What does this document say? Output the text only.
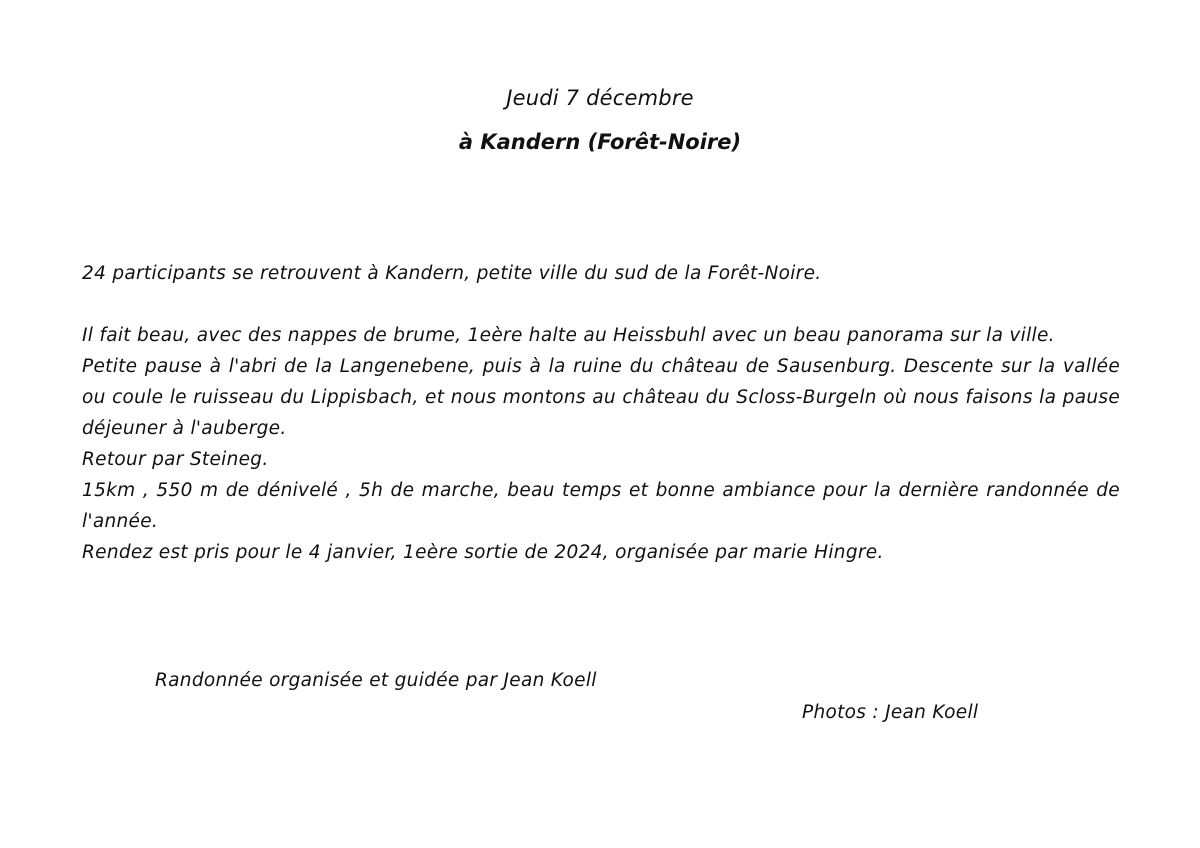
Jeudi 7 décembre
à Kandern (Forêt-Noire)

24 participants se retrouvent à Kandern, petite ville du sud de la Forêt-Noire.

Il fait beau, avec des nappes de brume, 1eère halte au Heissbuhl avec un beau panorama sur la ville.

Petite pause à l'abri de la Langenebene, puis à la ruine du château de Sausenburg. Descente sur la vallée ou coule le ruisseau du Lippisbach, et nous montons au château du Scloss-Burgeln où nous faisons la pause déjeuner à l'auberge.

Retour par Steineg.

15km , 550 m de dénivelé , 5h de marche, beau temps et bonne ambiance pour la dernière randonnée de l'année.

Rendez est pris pour le 4 janvier, 1eère sortie de 2024, organisée par marie Hingre.

Randonnée organisée et guidée par Jean Koell
Photos : Jean Koell
